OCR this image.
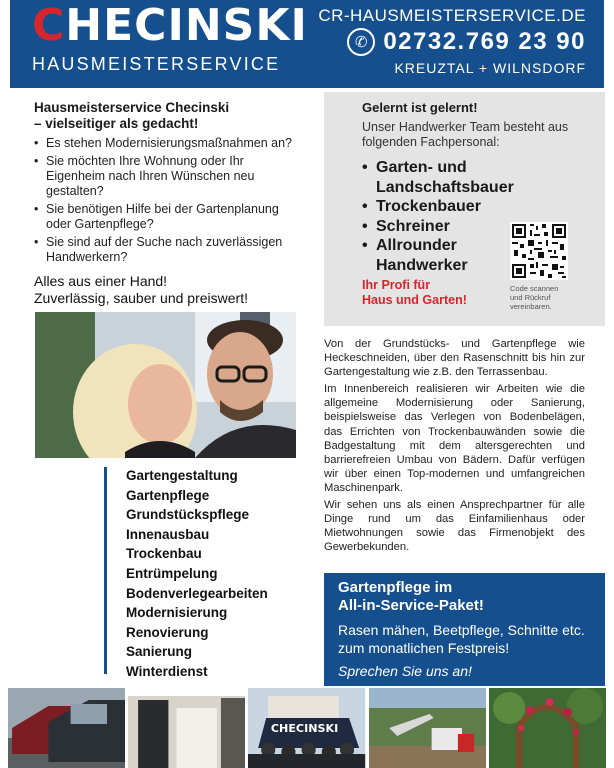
CHECINSKI
HAUSMEISTERSERVICE
CR-HAUSMEISTERSERVICE.DE
✆ 02732.769 23 90
KREUZTAL + WILNSDORF
Hausmeisterservice Checinski
– vielseitiger als gedacht!
• Es stehen Modernisierungsmaßnahmen an?
• Sie möchten Ihre Wohnung oder Ihr Eigenheim nach Ihren Wünschen neu gestalten?
• Sie benötigen Hilfe bei der Gartenplanung oder Gartenpflege?
• Sie sind auf der Suche nach zuverlässigen Handwerkern?
Alles aus einer Hand!
Zuverlässig, sauber und preiswert!
Gelernt ist gelernt!
Unser Handwerker Team besteht aus folgenden Fachpersonal:
• Garten- und Landschaftsbauer
• Trockenbauer
• Schreiner
• Allrounder Handwerker
Ihr Profi für
Haus und Garten!
Code scannen und Rückruf vereinbaren.
Gartengestaltung
Gartenpflege
Grundstückspflege
Innenausbau
Trockenbau
Entrümpelung
Bodenverlegearbeiten
Modernisierung
Renovierung
Sanierung
Winterdienst

Von der Grundstücks- und Gartenpflege wie Heckeschneiden, über den Rasenschnitt bis hin zur Gartengestaltung wie z.B. den Terrassenbau.

Im Innenbereich realisieren wir Arbeiten wie die allgemeine Modernisierung oder Sanierung, beispielsweise das Verlegen von Bodenbelägen, das Errichten von Trockenbauwänden sowie die Badgestaltung mit dem altersgerechten und barrierefreien Umbau von Bädern. Dafür verfügen wir über einen Top-modernen und umfangreichen Maschinenpark.

Wir sehen uns als einen Ansprechpartner für alle Dinge rund um das Einfamilienhaus oder Mietwohnungen sowie das Firmenobjekt des Gewerbekunden.

Gartenpflege im
All-in-Service-Paket!
Rasen mähen, Beetpflege, Schnitte etc.
zum monatlichen Festpreis!
Sprechen Sie uns an!
CHECINSKI
